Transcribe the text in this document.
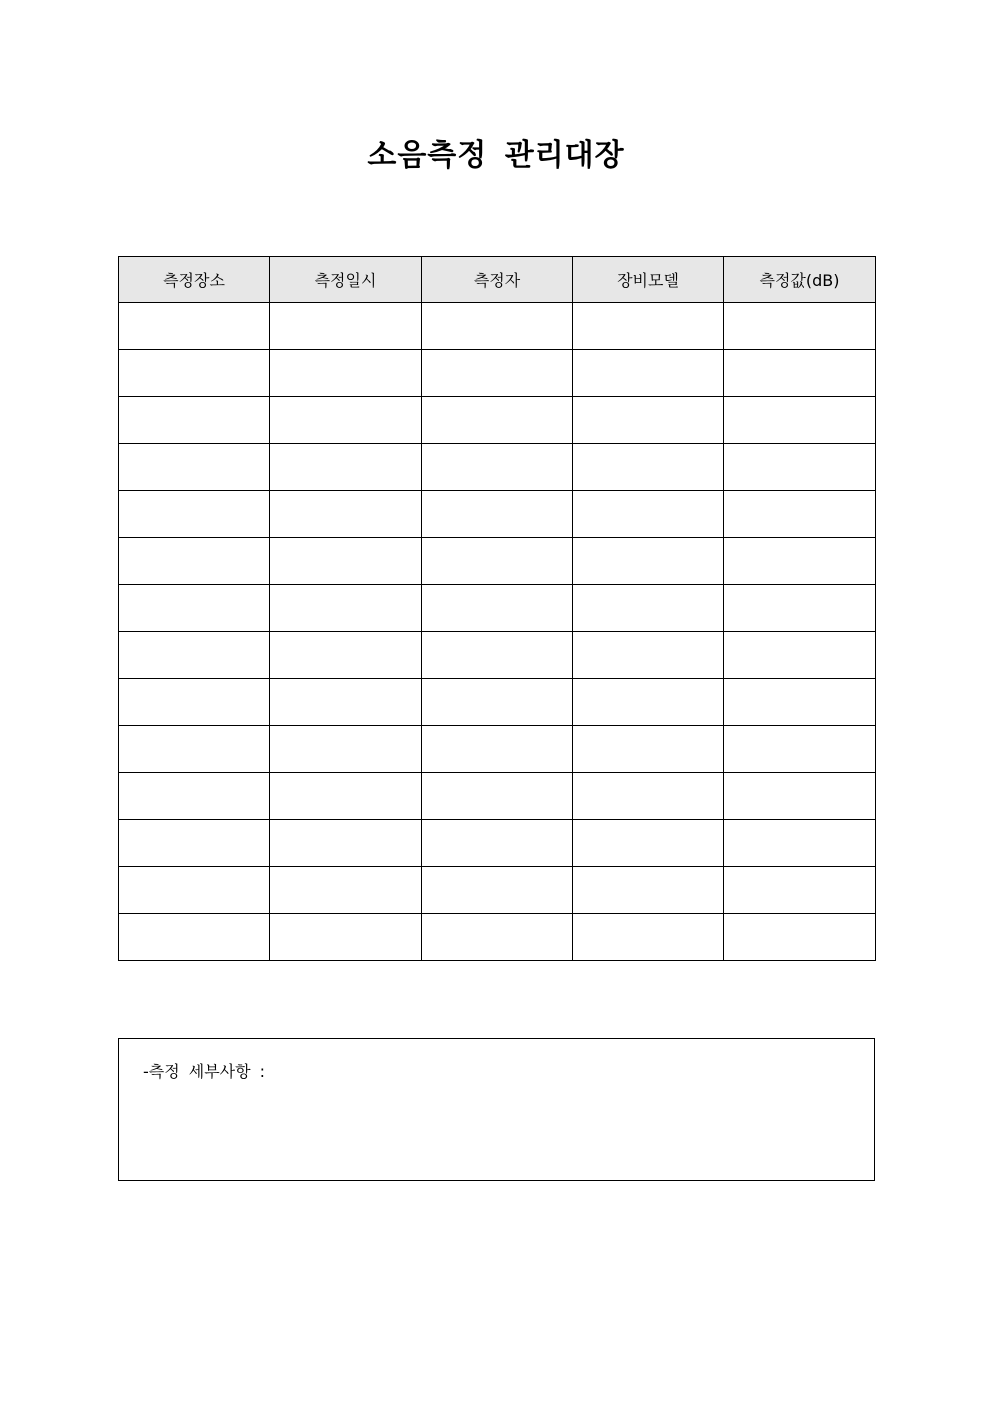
소음측정 관리대장
측정장소	측정일시	측정자	장비모델	측정값(dB)

-측정 세부사항 :
